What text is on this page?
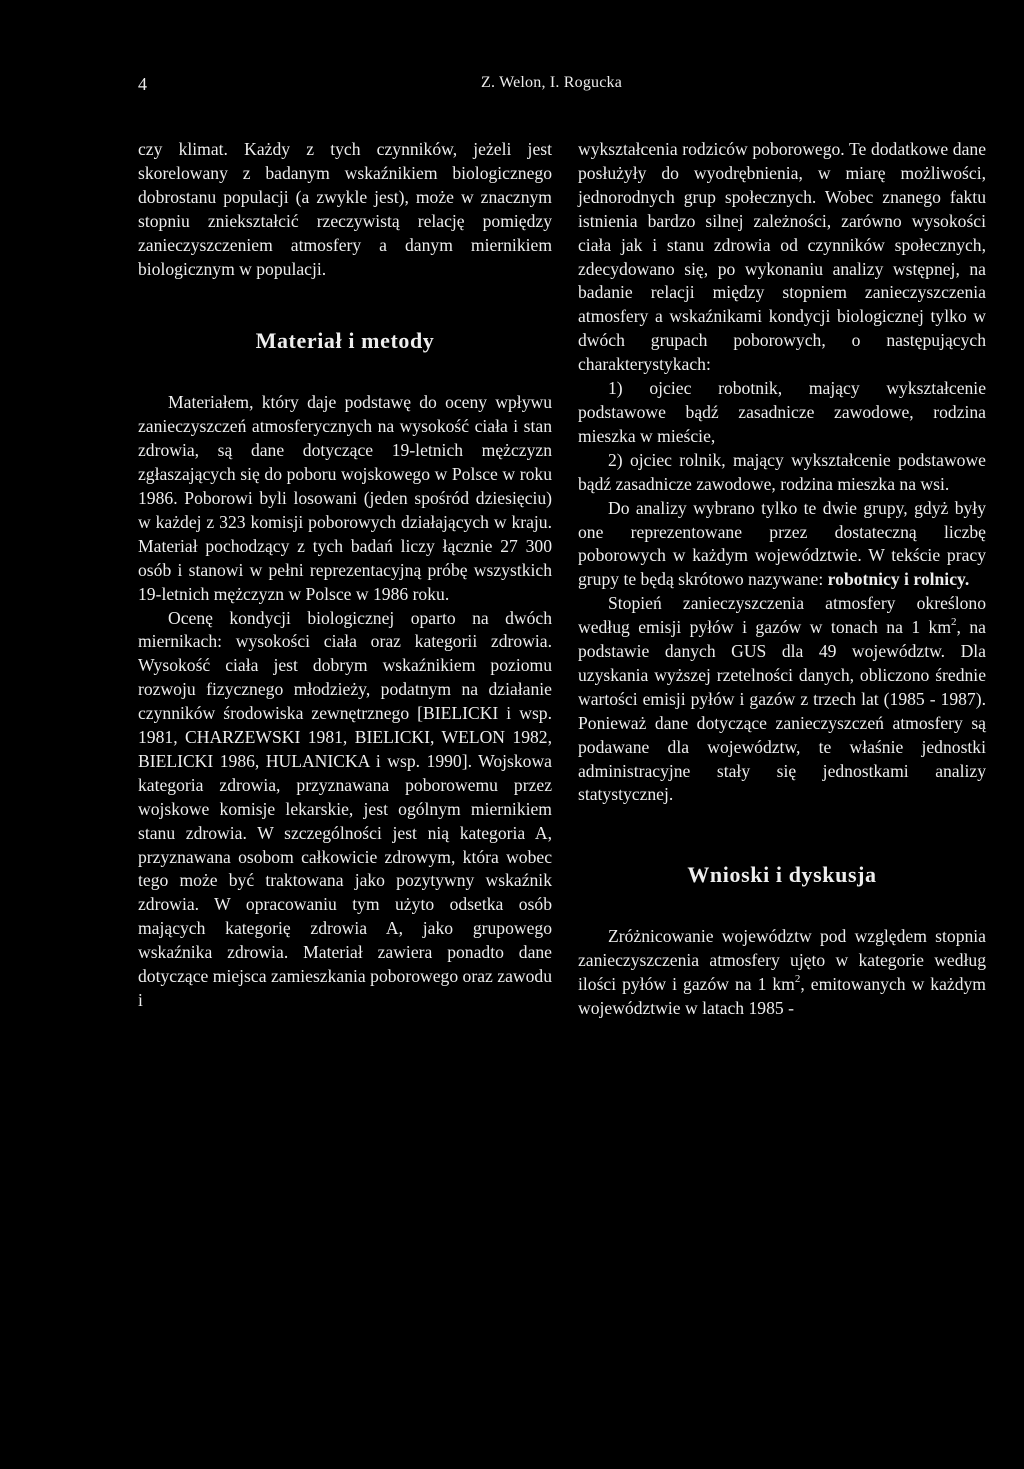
4	Z. Welon, I. Rogucka

czy klimat. Każdy z tych czynników, jeżeli jest skorelowany z badanym wskaźnikiem biologicznego dobrostanu populacji (a zwykle jest), może w znacznym stopniu zniekształcić rzeczywistą relację pomiędzy zanieczyszczeniem atmosfery a danym miernikiem biologicznym w populacji.

Materiał i metody

Materiałem, który daje podstawę do oceny wpływu zanieczyszczeń atmosferycznych na wysokość ciała i stan zdrowia, są dane dotyczące 19-letnich mężczyzn zgłaszających się do poboru wojskowego w Polsce w roku 1986. Poborowi byli losowani (jeden spośród dziesięciu) w każdej z 323 komisji poborowych działających w kraju. Materiał pochodzący z tych badań liczy łącznie 27 300 osób i stanowi w pełni reprezentacyjną próbę wszystkich 19-letnich mężczyzn w Polsce w 1986 roku.

Ocenę kondycji biologicznej oparto na dwóch miernikach: wysokości ciała oraz kategorii zdrowia. Wysokość ciała jest dobrym wskaźnikiem poziomu rozwoju fizycznego młodzieży, podatnym na działanie czynników środowiska zewnętrznego [BIELICKI i wsp. 1981, CHARZEWSKI 1981, BIELICKI, WELON 1982, BIELICKI 1986, HULANICKA i wsp. 1990]. Wojskowa kategoria zdrowia, przyznawana poborowemu przez wojskowe komisje lekarskie, jest ogólnym miernikiem stanu zdrowia. W szczególności jest nią kategoria A, przyznawana osobom całkowicie zdrowym, która wobec tego może być traktowana jako pozytywny wskaźnik zdrowia. W opracowaniu tym użyto odsetka osób mających kategorię zdrowia A, jako grupowego wskaźnika zdrowia. Materiał zawiera ponadto dane dotyczące miejsca zamieszkania poborowego oraz zawodu i

wykształcenia rodziców poborowego. Te dodatkowe dane posłużyły do wyodrębnienia, w miarę możliwości, jednorodnych grup społecznych. Wobec znanego faktu istnienia bardzo silnej zależności, zarówno wysokości ciała jak i stanu zdrowia od czynników społecznych, zdecydowano się, po wykonaniu analizy wstępnej, na badanie relacji między stopniem zanieczyszczenia atmosfery a wskaźnikami kondycji biologicznej tylko w dwóch grupach poborowych, o następujących charakterystykach:

1) ojciec robotnik, mający wykształcenie podstawowe bądź zasadnicze zawodowe, rodzina mieszka w mieście,

2) ojciec rolnik, mający wykształcenie podstawowe bądź zasadnicze zawodowe, rodzina mieszka na wsi.

Do analizy wybrano tylko te dwie grupy, gdyż były one reprezentowane przez dostateczną liczbę poborowych w każdym województwie. W tekście pracy grupy te będą skrótowo nazywane: robotnicy i rolnicy.

Stopień zanieczyszczenia atmosfery określono według emisji pyłów i gazów w tonach na 1 $km^2$, na podstawie danych GUS dla 49 województw. Dla uzyskania wyższej rzetelności danych, obliczono średnie wartości emisji pyłów i gazów z trzech lat (1985 - 1987). Ponieważ dane dotyczące zanieczyszczeń atmosfery są podawane dla województw, te właśnie jednostki administracyjne stały się jednostkami analizy statystycznej.

Wnioski i dyskusja

Zróżnicowanie województw pod względem stopnia zanieczyszczenia atmosfery ujęto w kategorie według ilości pyłów i gazów na 1 $km^2$, emitowanych w każdym województwie w latach 1985 -
